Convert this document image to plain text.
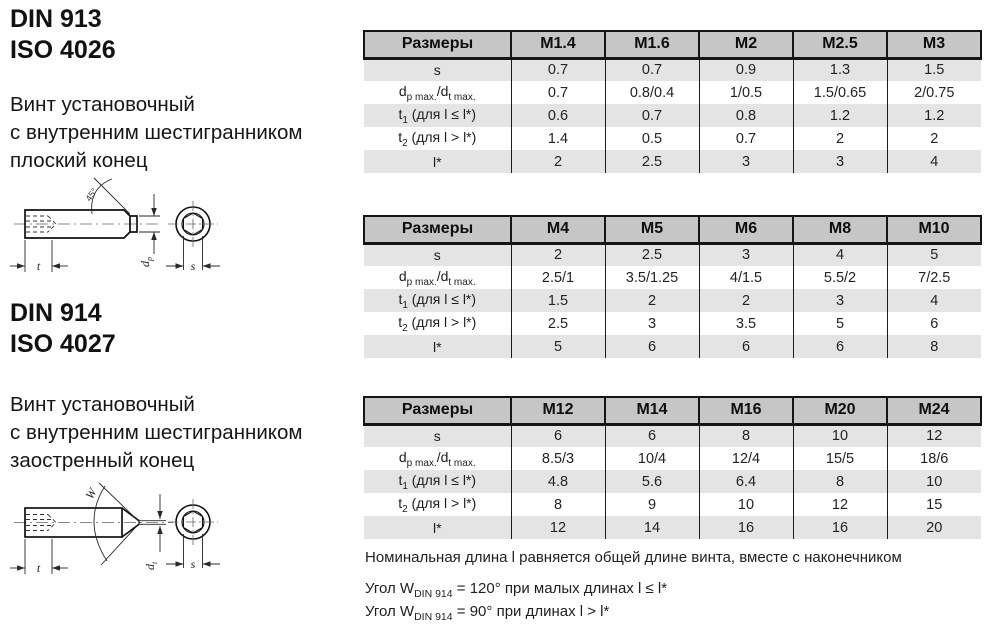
DIN 913
ISO 4026
Винт установочный
с внутренним шестигранником
плоский конец
45°
t	$d_p$	s
DIN 914
ISO 4027
Винт установочный
с внутренним шестигранником
заостренный конец
W
t	$d_t$	s
Размеры	M1.4	M1.6	M2	M2.5	M3
s	0.7	0.7	0.9	1.3	1.5
$d_{p max.}/d_{t max.}$	0.7	0.8/0.4	1/0.5	1.5/0.65	2/0.75
$t_1$ (для l ≤ l*)	0.6	0.7	0.8	1.2	1.2
$t_2$ (для l > l*)	1.4	0.5	0.7	2	2
l*	2	2.5	3	3	4
Размеры	M4	M5	M6	M8	M10
s	2	2.5	3	4	5
$d_{p max.}/d_{t max.}$	2.5/1	3.5/1.25	4/1.5	5.5/2	7/2.5
$t_1$ (для l ≤ l*)	1.5	2	2	3	4
$t_2$ (для l > l*)	2.5	3	3.5	5	6
l*	5	6	6	6	8
Размеры	M12	M14	M16	M20	M24
s	6	6	8	10	12
$d_{p max.}/d_{t max.}$	8.5/3	10/4	12/4	15/5	18/6
$t_1$ (для l ≤ l*)	4.8	5.6	6.4	8	10
$t_2$ (для l > l*)	8	9	10	12	15
l*	12	14	16	16	20
Номинальная длина l равняется общей длине винта, вместе с наконечником
Угол $W_{DIN 914} = 120^\circ$ при малых длинах l ≤ l*
Угол $W_{DIN 914} = 90^\circ$ при длинах l > l*
